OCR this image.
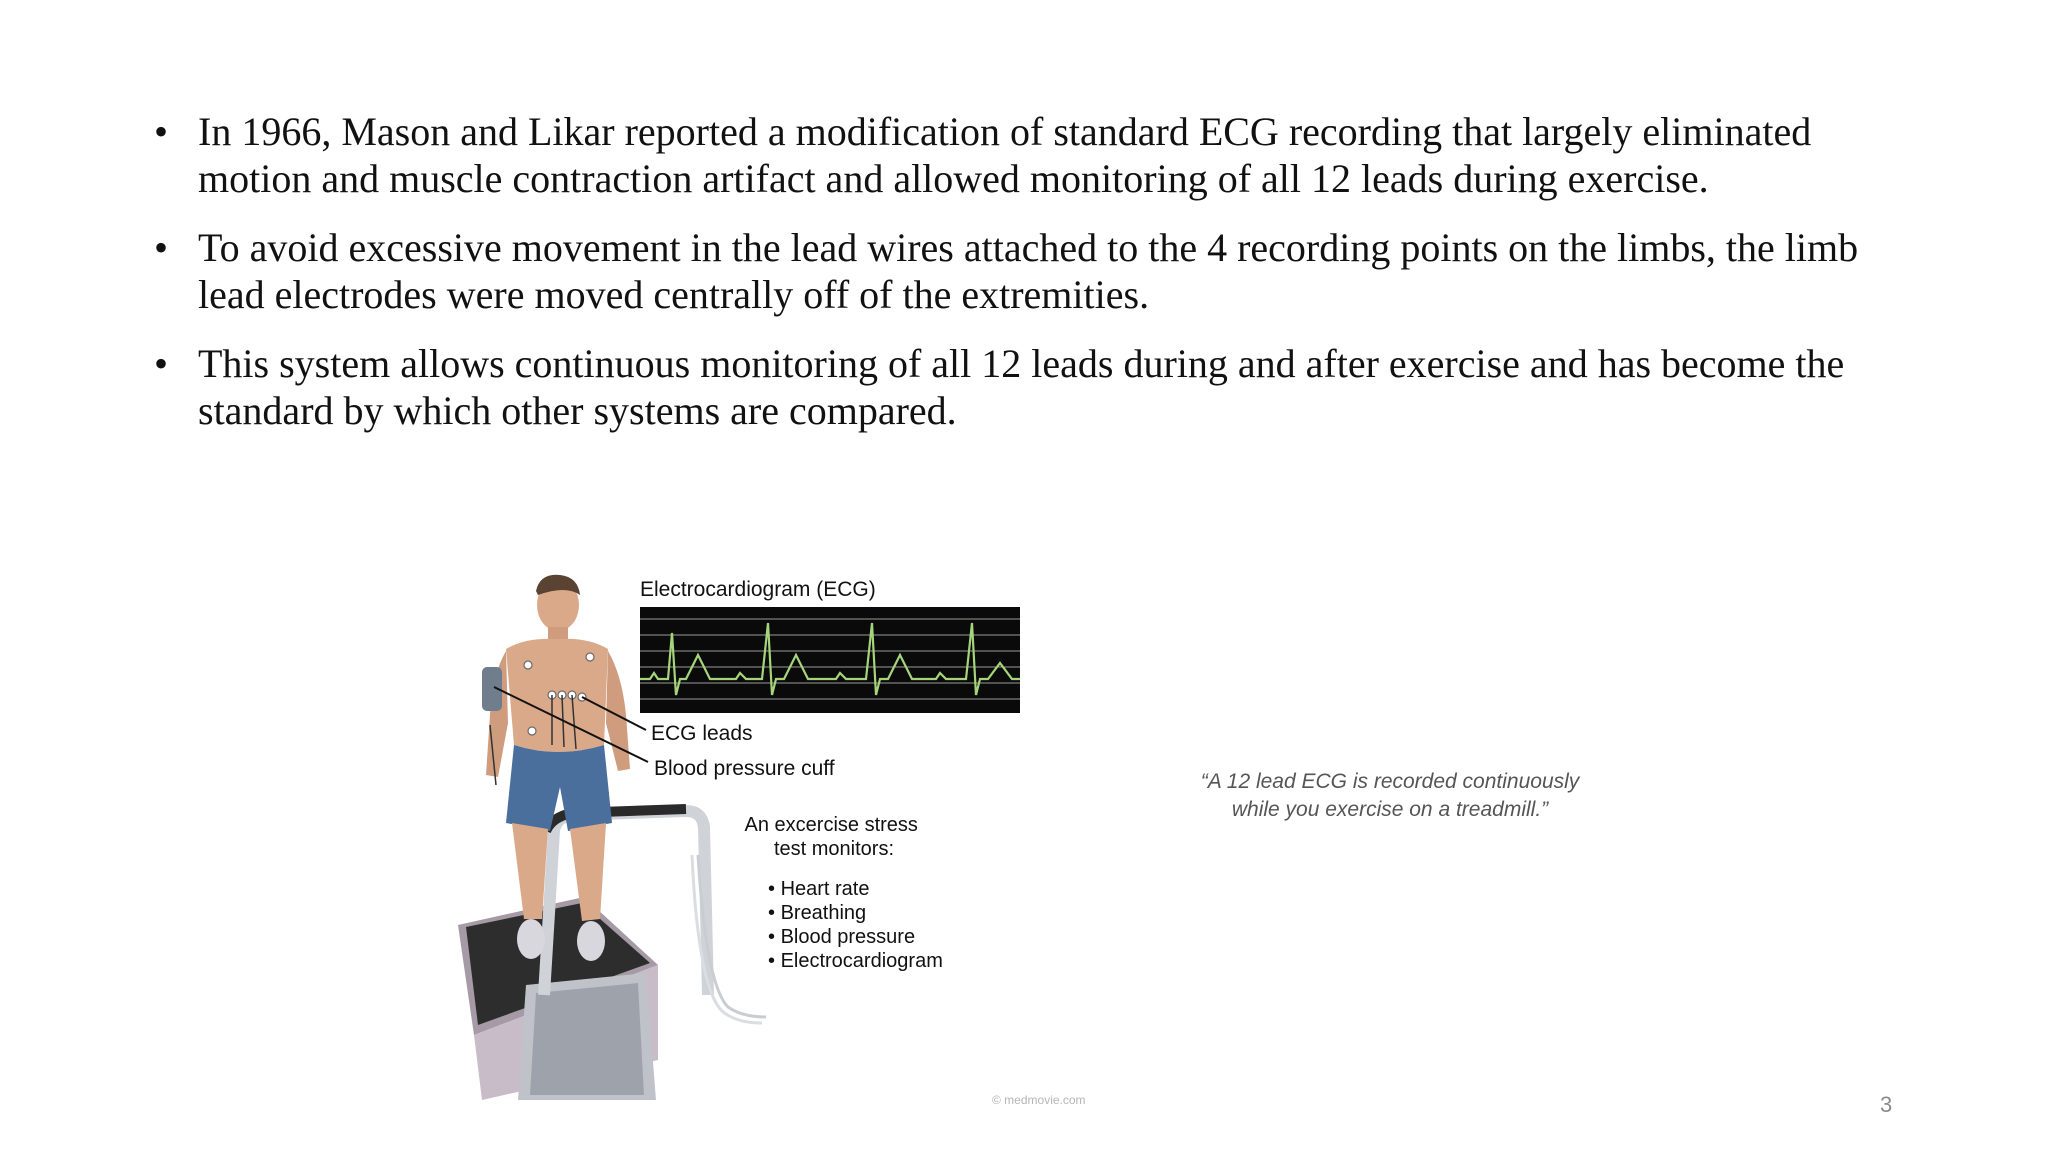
• In 1966, Mason and Likar reported a modification of standard ECG recording that largely eliminated motion and muscle contraction artifact and allowed monitoring of all 12 leads during exercise.
• To avoid excessive movement in the lead wires attached to the 4 recording points on the limbs, the limb lead electrodes were moved centrally off of the extremities.
• This system allows continuous monitoring of all 12 leads during and after exercise and has become the standard by which other systems are compared.
Electrocardiogram (ECG)
ECG leads
Blood pressure cuff
An excercise stress test monitors:
• Heart rate
• Breathing
• Blood pressure
• Electrocardiogram
© medmovie.com
“A 12 lead ECG is recorded continuously
while you exercise on a treadmill.”
3
